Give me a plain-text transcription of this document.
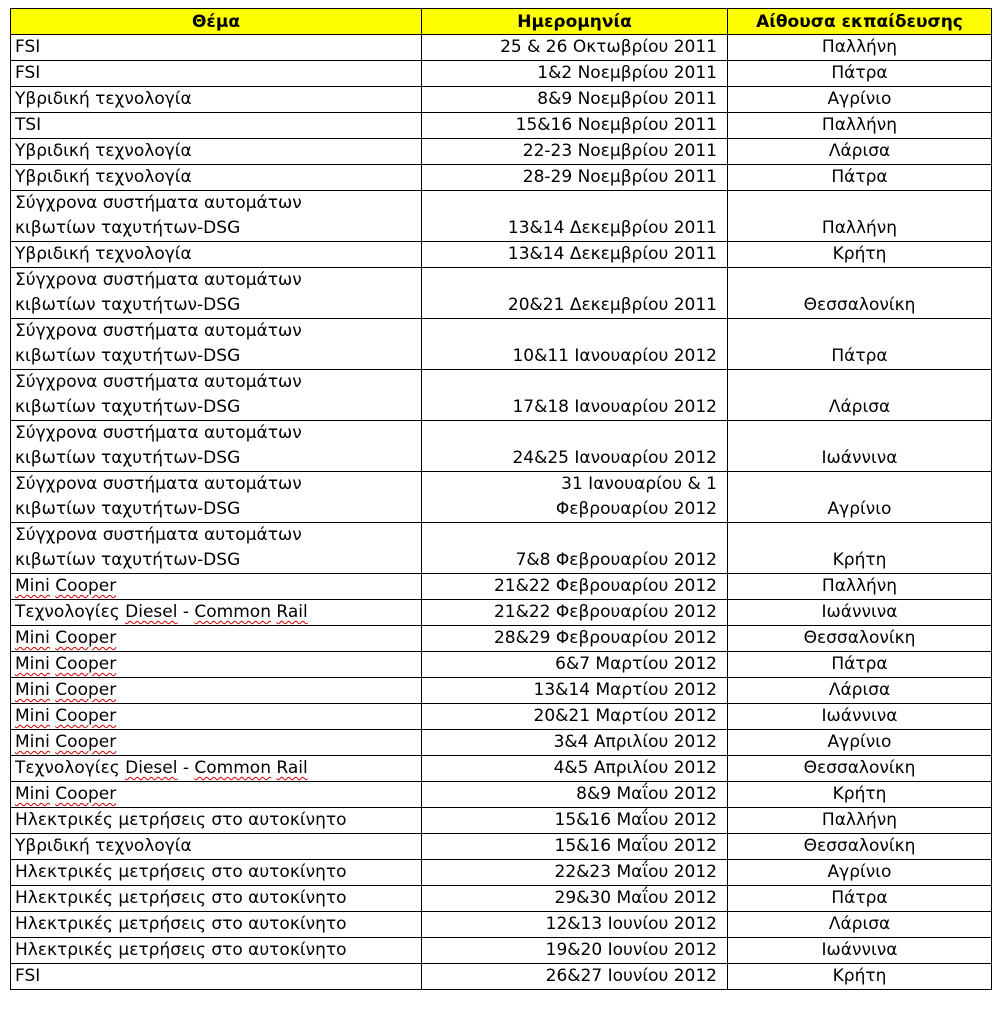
Θέμα	Ημερομηνία	Αίθουσα εκπαίδευσης

FSI	25 & 26 Οκτωβρίου 2011	Παλλήνη

FSI	1&2 Νοεμβρίου 2011	Πάτρα

Υβριδική τεχνολογία	8&9 Νοεμβρίου 2011	Αγρίνιο

TSI	15&16 Νοεμβρίου 2011	Παλλήνη

Υβριδική τεχνολογία	22-23 Νοεμβρίου 2011	Λάρισα

Υβριδική τεχνολογία	28-29 Νοεμβρίου 2011	Πάτρα

Σύγχρονα συστήματα αυτομάτων
κιβωτίων ταχυτήτων-DSG	13&14 Δεκεμβρίου 2011	Παλλήνη

Υβριδική τεχνολογία	13&14 Δεκεμβρίου 2011	Κρήτη

Σύγχρονα συστήματα αυτομάτων
κιβωτίων ταχυτήτων-DSG	20&21 Δεκεμβρίου 2011	Θεσσαλονίκη

Σύγχρονα συστήματα αυτομάτων
κιβωτίων ταχυτήτων-DSG	10&11 Ιανουαρίου 2012	Πάτρα

Σύγχρονα συστήματα αυτομάτων
κιβωτίων ταχυτήτων-DSG	17&18 Ιανουαρίου 2012	Λάρισα

Σύγχρονα συστήματα αυτομάτων
κιβωτίων ταχυτήτων-DSG	24&25 Ιανουαρίου 2012	Ιωάννινα

Σύγχρονα συστήματα αυτομάτων
κιβωτίων ταχυτήτων-DSG	31 Ιανουαρίου & 1
Φεβρουαρίου 2012	Αγρίνιο

Σύγχρονα συστήματα αυτομάτων
κιβωτίων ταχυτήτων-DSG	7&8 Φεβρουαρίου 2012	Κρήτη

Mini Cooper	21&22 Φεβρουαρίου 2012	Παλλήνη

Τεχνολογίες Diesel - Common Rail	21&22 Φεβρουαρίου 2012	Ιωάννινα

Mini Cooper	28&29 Φεβρουαρίου 2012	Θεσσαλονίκη

Mini Cooper	6&7 Μαρτίου 2012	Πάτρα

Mini Cooper	13&14 Μαρτίου 2012	Λάρισα

Mini Cooper	20&21 Μαρτίου 2012	Ιωάννινα

Mini Cooper	3&4 Απριλίου 2012	Αγρίνιο

Τεχνολογίες Diesel - Common Rail	4&5 Απριλίου 2012	Θεσσαλονίκη

Mini Cooper	8&9 Μαΐου 2012	Κρήτη

Ηλεκτρικές μετρήσεις στο αυτοκίνητο	15&16 Μαΐου 2012	Παλλήνη

Υβριδική τεχνολογία	15&16 Μαΐου 2012	Θεσσαλονίκη

Ηλεκτρικές μετρήσεις στο αυτοκίνητο	22&23 Μαΐου 2012	Αγρίνιο

Ηλεκτρικές μετρήσεις στο αυτοκίνητο	29&30 Μαΐου 2012	Πάτρα

Ηλεκτρικές μετρήσεις στο αυτοκίνητο	12&13 Ιουνίου 2012	Λάρισα

Ηλεκτρικές μετρήσεις στο αυτοκίνητο	19&20 Ιουνίου 2012	Ιωάννινα

FSI	26&27 Ιουνίου 2012	Κρήτη
